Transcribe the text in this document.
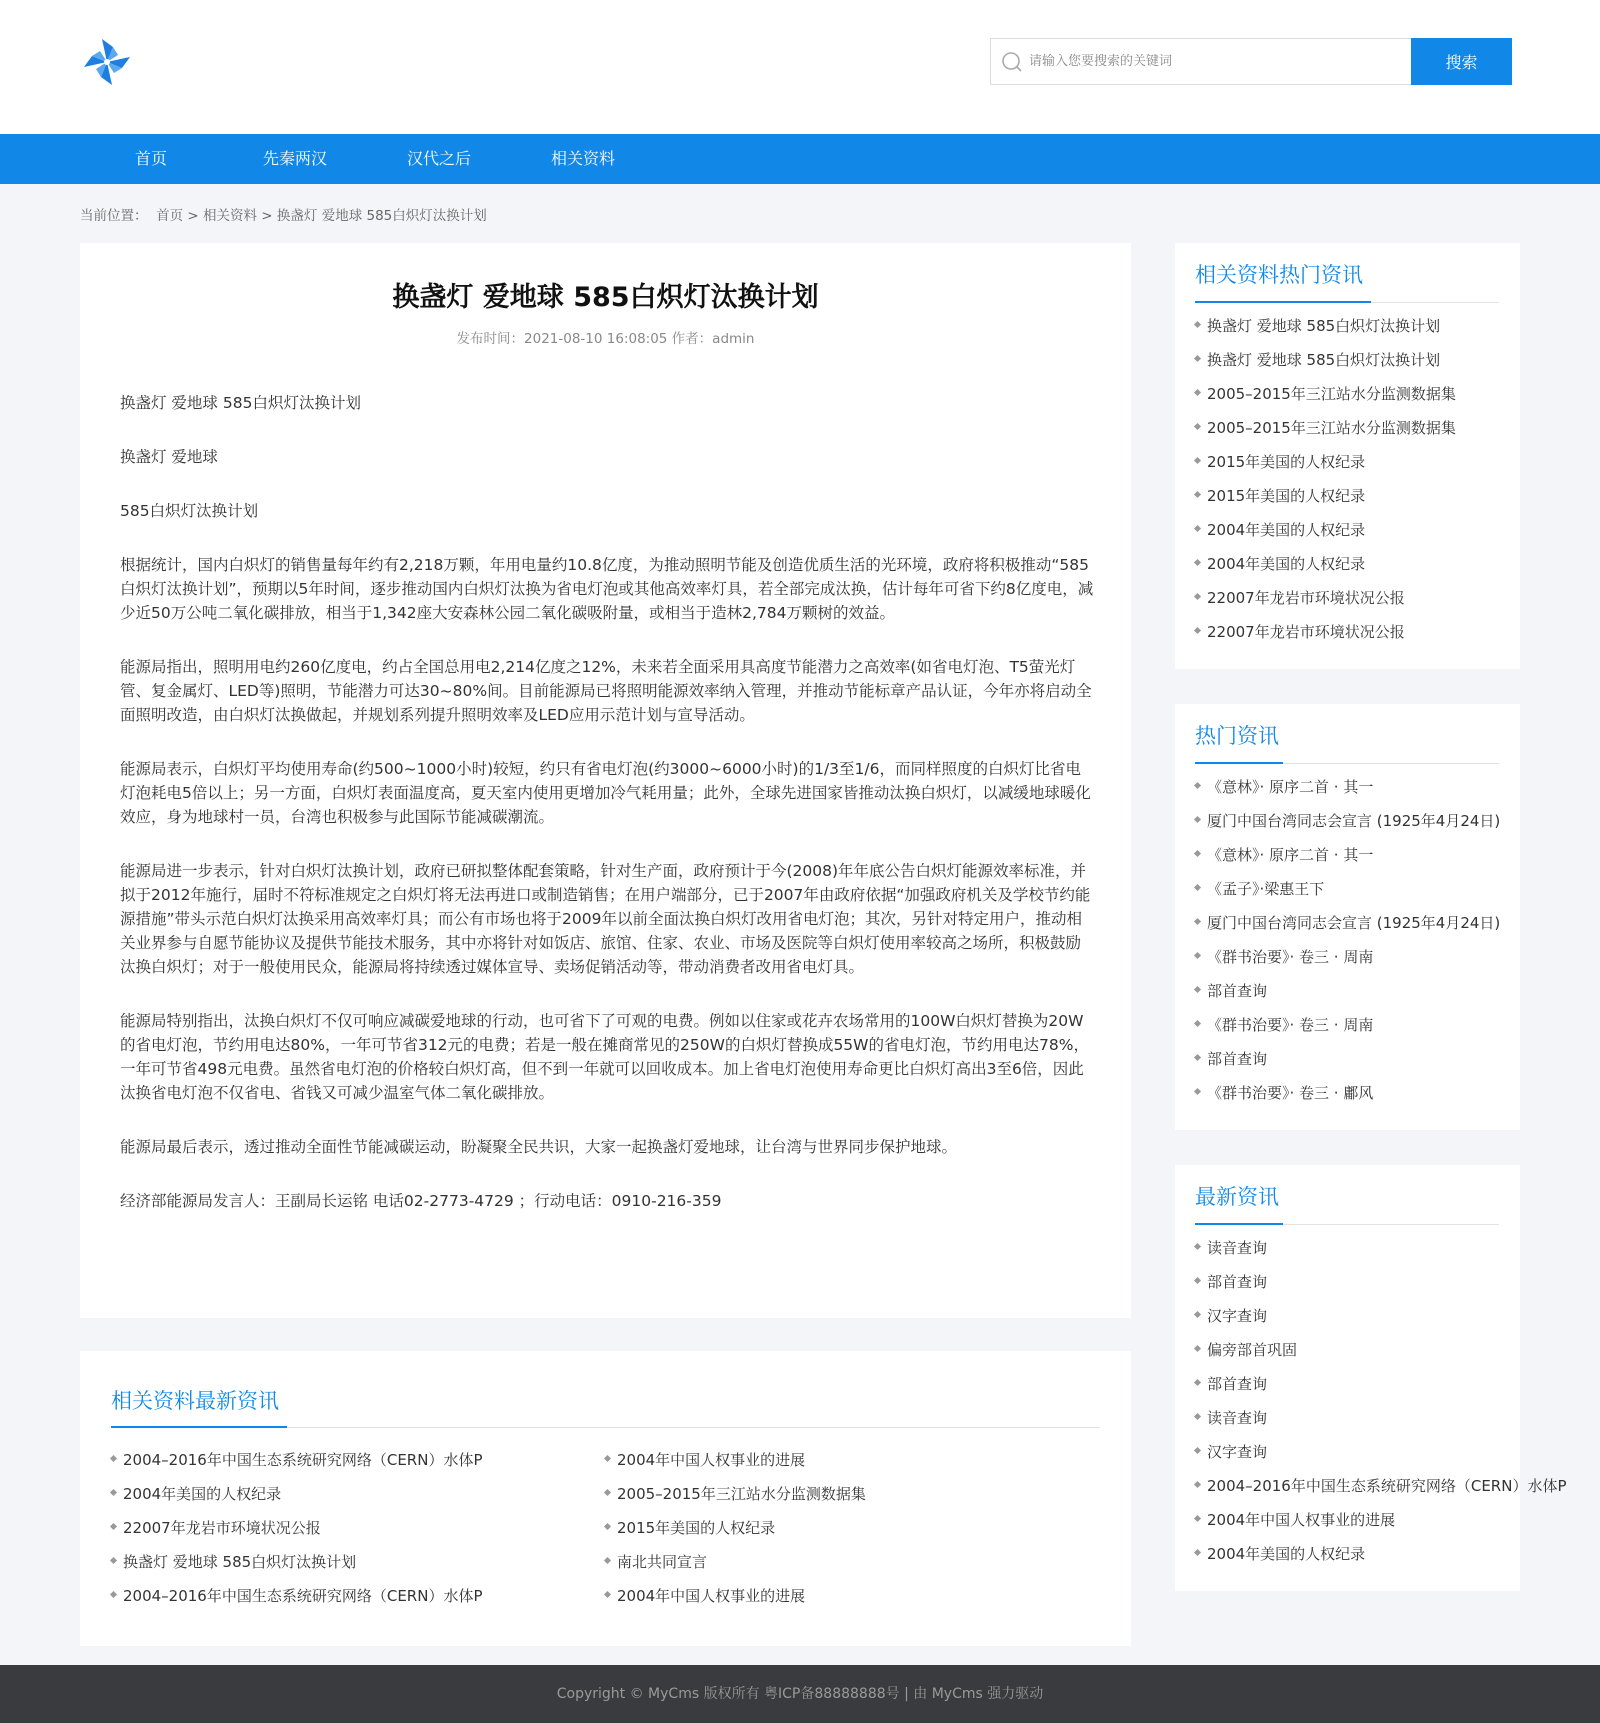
请输入您要搜索的关键词
搜索
首页	先秦两汉	汉代之后	相关资料
当前位置： 首页 > 相关资料 > 换盏灯 爱地球 585白炽灯汰换计划
换盏灯 爱地球 585白炽灯汰换计划
发布时间：2021-08-10 16:08:05 作者：admin

换盏灯 爱地球 585白炽灯汰换计划

换盏灯 爱地球

585白炽灯汰换计划

根据统计，国内白炽灯的销售量每年约有2,218万颗，年用电量约10.8亿度，为推动照明节能及创造优质生活的光环境，政府将积极推动“585白炽灯汰换计划”，预期以5年时间，逐步推动国内白炽灯汰换为省电灯泡或其他高效率灯具，若全部完成汰换，估计每年可省下约8亿度电，减少近50万公吨二氧化碳排放，相当于1,342座大安森林公园二氧化碳吸附量，或相当于造林2,784万颗树的效益。

能源局指出，照明用电约260亿度电，约占全国总用电2,214亿度之12%，未来若全面采用具高度节能潜力之高效率(如省电灯泡、T5萤光灯管、复金属灯、LED等)照明，节能潜力可达30~80%间。目前能源局已将照明能源效率纳入管理，并推动节能标章产品认证，今年亦将启动全面照明改造，由白炽灯汰换做起，并规划系列提升照明效率及LED应用示范计划与宣导活动。

能源局表示，白炽灯平均使用寿命(约500~1000小时)较短，约只有省电灯泡(约3000~6000小时)的1/3至1/6，而同样照度的白炽灯比省电灯泡耗电5倍以上；另一方面，白炽灯表面温度高，夏天室内使用更增加冷气耗用量；此外，全球先进国家皆推动汰换白炽灯，以减缓地球暖化效应，身为地球村一员，台湾也积极参与此国际节能减碳潮流。

能源局进一步表示，针对白炽灯汰换计划，政府已研拟整体配套策略，针对生产面，政府预计于今(2008)年年底公告白炽灯能源效率标准，并拟于2012年施行，届时不符标准规定之白炽灯将无法再进口或制造销售；在用户端部分，已于2007年由政府依据“加强政府机关及学校节约能源措施”带头示范白炽灯汰换采用高效率灯具；而公有市场也将于2009年以前全面汰换白炽灯改用省电灯泡；其次，另针对特定用户，推动相关业界参与自愿节能协议及提供节能技术服务，其中亦将针对如饭店、旅馆、住家、农业、市场及医院等白炽灯使用率较高之场所，积极鼓励汰换白炽灯；对于一般使用民众，能源局将持续透过媒体宣导、卖场促销活动等，带动消费者改用省电灯具。

能源局特别指出，汰换白炽灯不仅可响应减碳爱地球的行动，也可省下了可观的电费。例如以住家或花卉农场常用的100W白炽灯替换为20W的省电灯泡，节约用电达80%，一年可节省312元的电费；若是一般在摊商常见的250W的白炽灯替换成55W的省电灯泡，节约用电达78%，一年可节省498元电费。虽然省电灯泡的价格较白炽灯高，但不到一年就可以回收成本。加上省电灯泡使用寿命更比白炽灯高出3至6倍，因此汰换省电灯泡不仅省电、省钱又可减少温室气体二氧化碳排放。

能源局最后表示，透过推动全面性节能减碳运动，盼凝聚全民共识，大家一起换盏灯爱地球，让台湾与世界同步保护地球。

经济部能源局发言人：王副局长运铭 电话02-2773-4729 ；行动电话：0910-216-359

相关资料最新资讯
2004–2016年中国生态系统研究网络（CERN）水体P	2004年中国人权事业的进展
2004年美国的人权纪录	2005–2015年三江站水分监测数据集
22007年龙岩市环境状况公报	2015年美国的人权纪录
换盏灯 爱地球 585白炽灯汰换计划	南北共同宣言
2004–2016年中国生态系统研究网络（CERN）水体P	2004年中国人权事业的进展
相关资料热门资讯
换盏灯 爱地球 585白炽灯汰换计划
换盏灯 爱地球 585白炽灯汰换计划
2005–2015年三江站水分监测数据集
2005–2015年三江站水分监测数据集
2015年美国的人权纪录
2015年美国的人权纪录
2004年美国的人权纪录
2004年美国的人权纪录
22007年龙岩市环境状况公报
22007年龙岩市环境状况公报
热门资讯
《意林》· 原序二首 · 其一
厦门中国台湾同志会宣言 (1925年4月24日)
《意林》· 原序二首 · 其一
《孟子》·梁惠王下
厦门中国台湾同志会宣言 (1925年4月24日)
《群书治要》· 卷三 · 周南
部首查询
《群书治要》· 卷三 · 周南
部首查询
《群书治要》· 卷三 · 鄘风
最新资讯
读音查询
部首查询
汉字查询
偏旁部首巩固
部首查询
读音查询
汉字查询
2004–2016年中国生态系统研究网络（CERN）水体P
2004年中国人权事业的进展
2004年美国的人权纪录
Copyright © MyCms 版权所有 粤ICP备88888888号 | 由 MyCms 强力驱动
